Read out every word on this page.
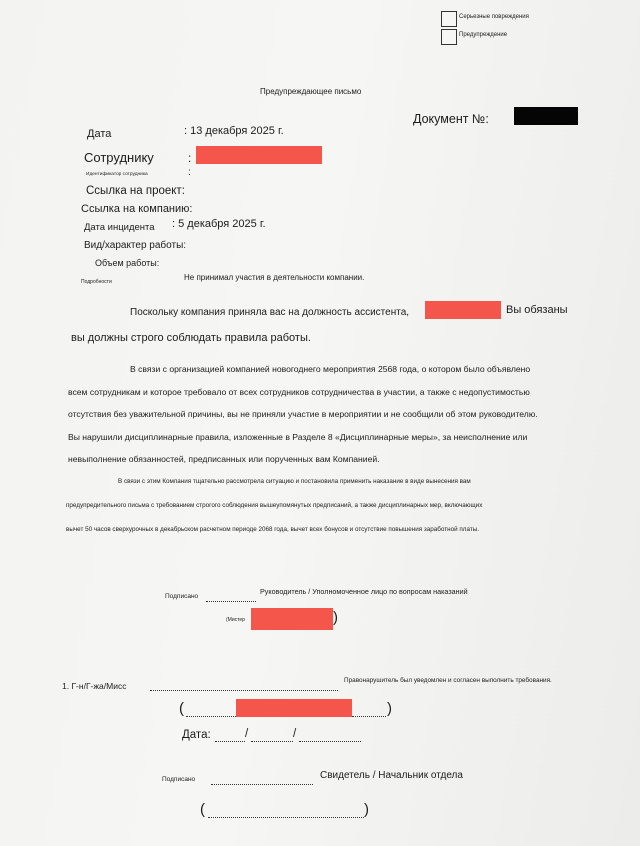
Серьезные повреждения
Предупреждение
Предупреждающее письмо
Документ №:
Дата	: 13 декабря 2025 г.
Сотруднику	:
Идентификатор сотрудника	:
Ссылка на проект:
Ссылка на компанию:
Дата инцидента : 5 декабря 2025 г.
Вид/характер работы:
Объем работы:
Подробности	Не принимал участия в деятельности компании.
Поскольку компания приняла вас на должность ассистента,	Вы обязаны
вы должны строго соблюдать правила работы.
В связи с организацией компанией новогоднего мероприятия 2568 года, о котором было объявлено
всем сотрудникам и которое требовало от всех сотрудников сотрудничества в участии, а также с недопустимостью
отсутствия без уважительной причины, вы не приняли участие в мероприятии и не сообщили об этом руководителю.
Вы нарушили дисциплинарные правила, изложенные в Разделе 8 «Дисциплинарные меры», за неисполнение или
невыполнение обязанностей, предписанных или порученных вам Компанией.
В связи с этим Компания тщательно рассмотрела ситуацию и постановила применить наказание в виде вынесения вам
предупредительного письма с требованием строгого соблюдения вышеупомянутых предписаний, а также дисциплинарных мер, включающих
вычет 50 часов сверхурочных в декабрьском расчетном периоде 2068 года, вычет всех бонусов и отсутствие повышения заработной платы.
Подписано
Руководитель / Уполномоченное лицо по вопросам наказаний
(Мистер	)
1. Г-н/Г-жа/Мисс
Правонарушитель был уведомлен и согласен выполнить требования.
(	)
Дата:	/	/
Подписано	Свидетель / Начальник отдела
(	)
